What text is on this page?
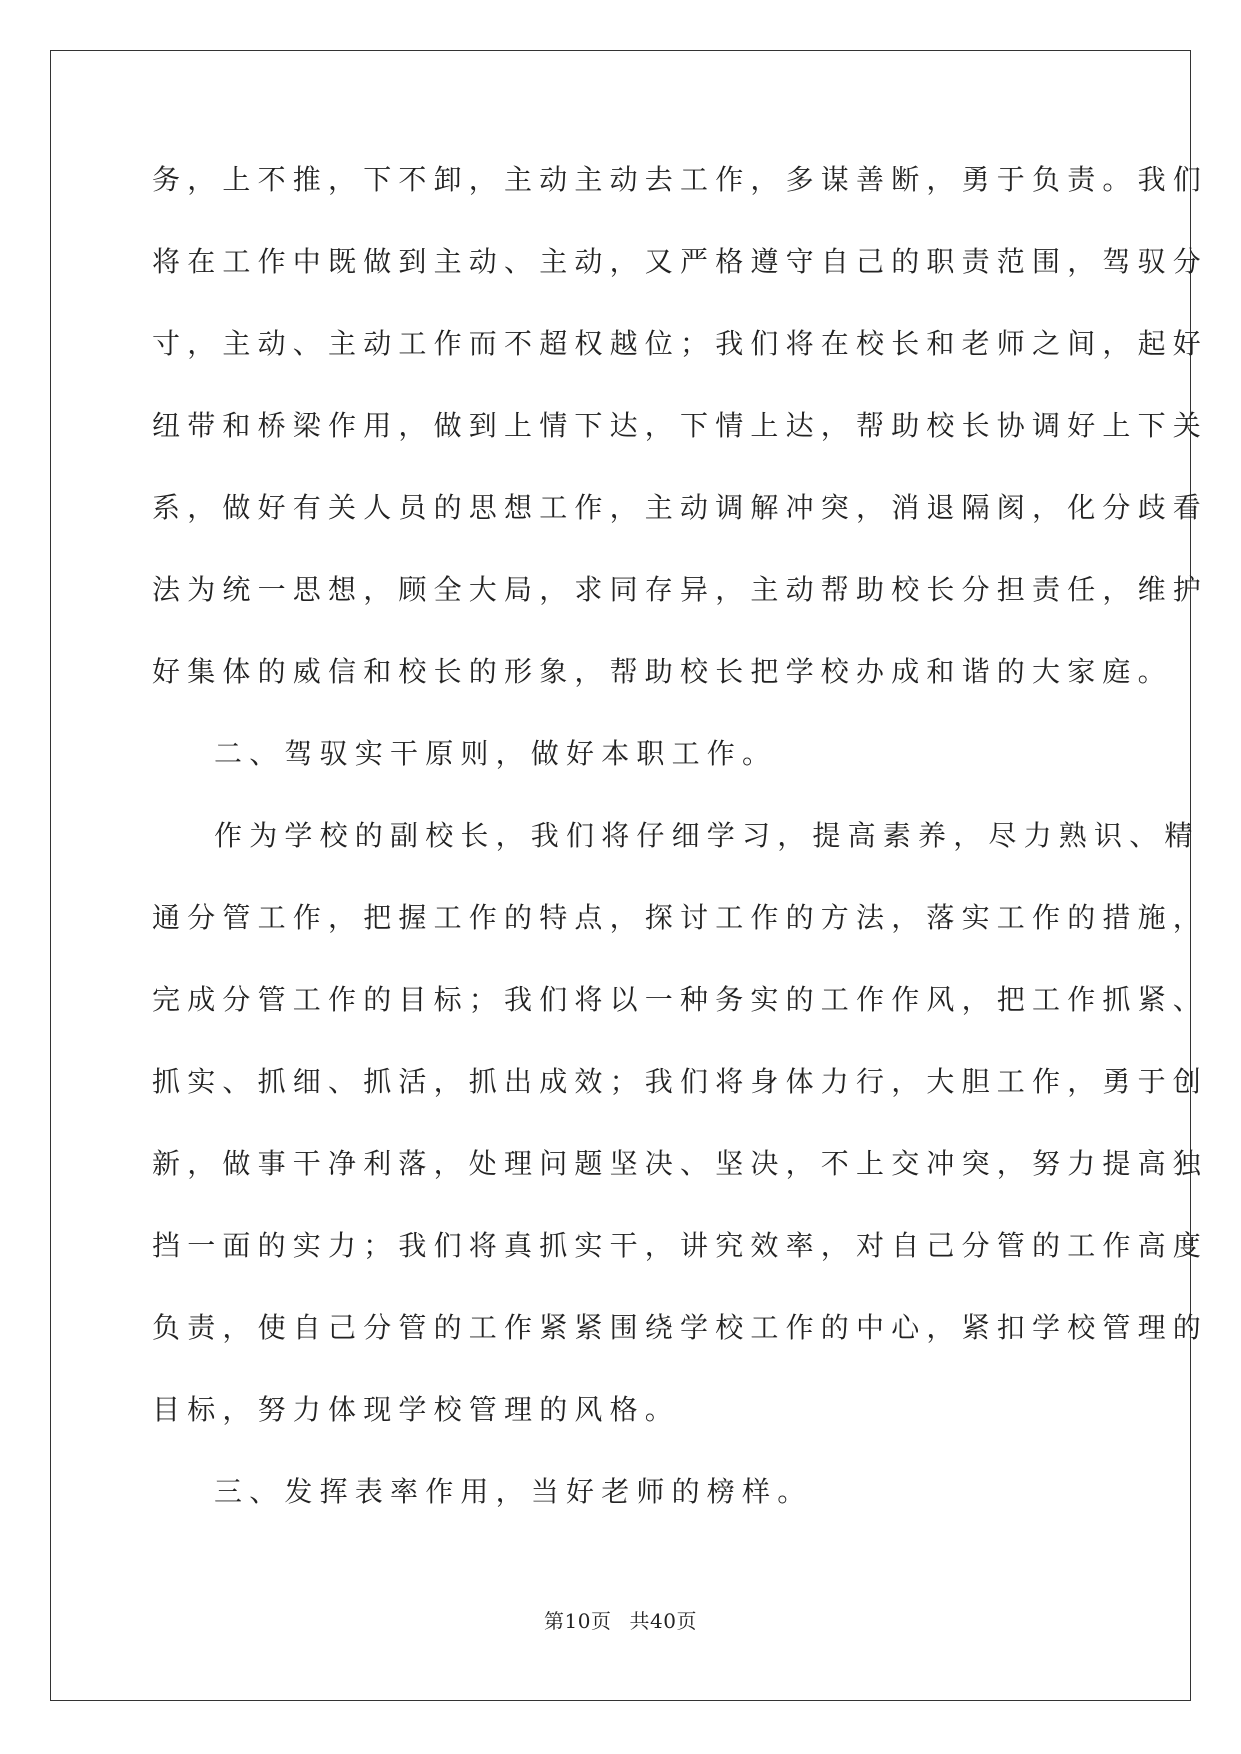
务，上不推，下不卸，主动主动去工作，多谋善断，勇于负责。我们
将在工作中既做到主动、主动，又严格遵守自己的职责范围，驾驭分
寸，主动、主动工作而不超权越位；我们将在校长和老师之间，起好
纽带和桥梁作用，做到上情下达，下情上达，帮助校长协调好上下关
系，做好有关人员的思想工作，主动调解冲突，消退隔阂，化分歧看
法为统一思想，顾全大局，求同存异，主动帮助校长分担责任，维护
好集体的威信和校长的形象，帮助校长把学校办成和谐的大家庭。
二、驾驭实干原则，做好本职工作。
作为学校的副校长，我们将仔细学习，提高素养，尽力熟识、精
通分管工作，把握工作的特点，探讨工作的方法，落实工作的措施，
完成分管工作的目标；我们将以一种务实的工作作风，把工作抓紧、
抓实、抓细、抓活，抓出成效；我们将身体力行，大胆工作，勇于创
新，做事干净利落，处理问题坚决、坚决，不上交冲突，努力提高独
挡一面的实力；我们将真抓实干，讲究效率，对自己分管的工作高度
负责，使自己分管的工作紧紧围绕学校工作的中心，紧扣学校管理的
目标，努力体现学校管理的风格。
三、发挥表率作用，当好老师的榜样。
第10页 共40页
